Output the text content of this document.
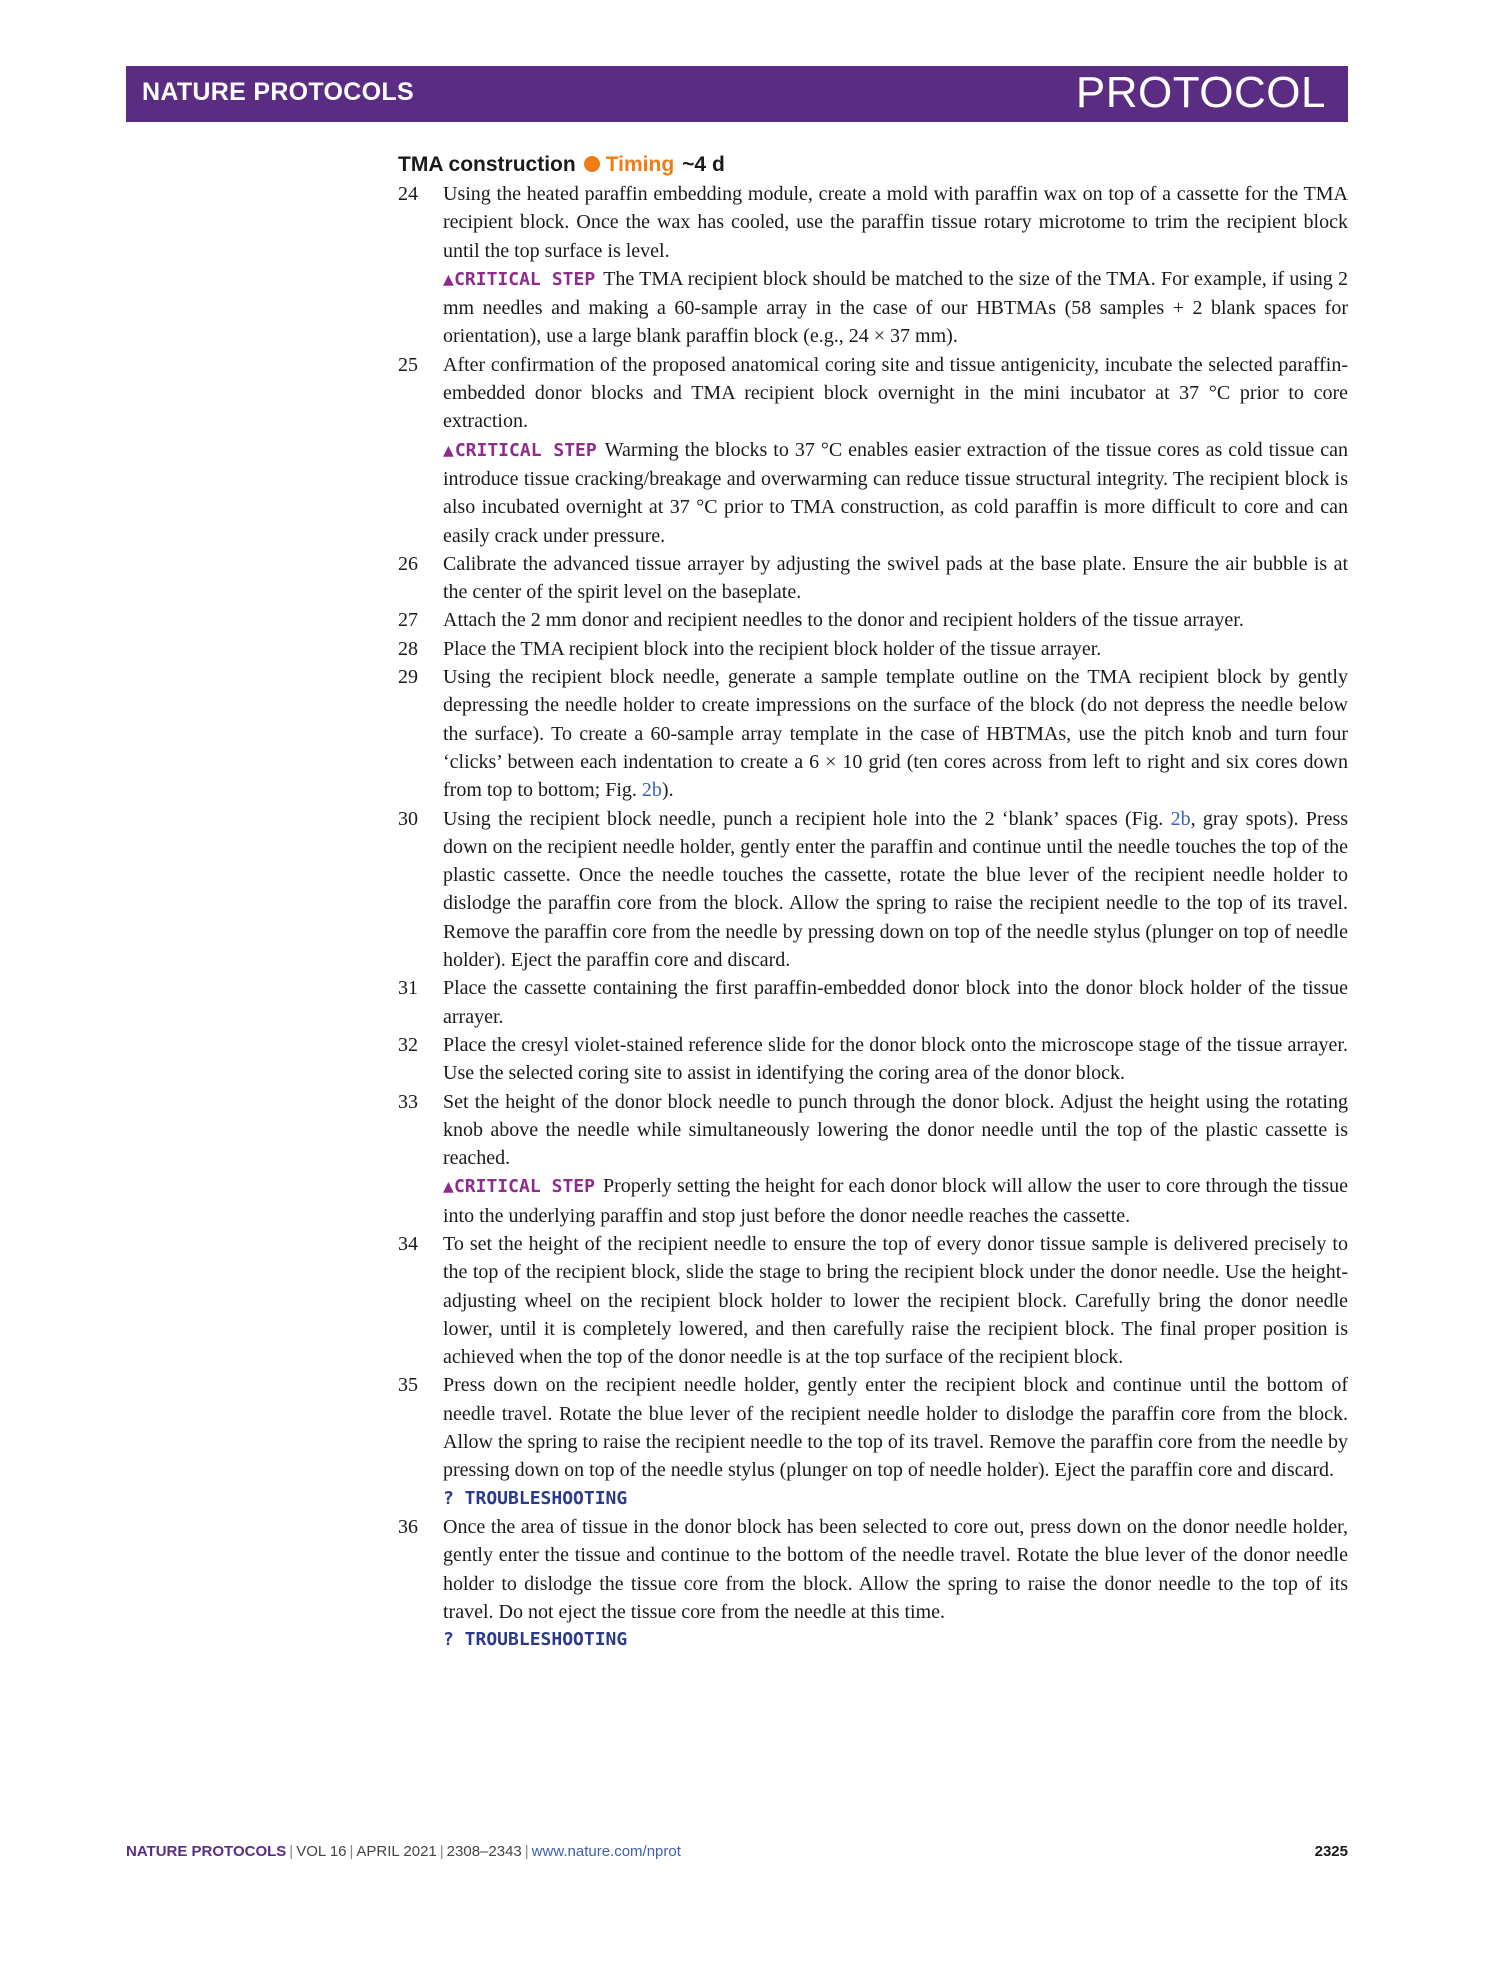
NATURE PROTOCOLS	PROTOCOL
TMA construction Timing ~4 d
24 Using the heated paraffin embedding module, create a mold with paraffin wax on top of a cassette for the TMA recipient block. Once the wax has cooled, use the paraffin tissue rotary microtome to trim the recipient block until the top surface is level.

▲CRITICAL STEP The TMA recipient block should be matched to the size of the TMA. For example, if using 2 mm needles and making a 60-sample array in the case of our HBTMAs (58 samples + 2 blank spaces for orientation), use a large blank paraffin block (e.g., 24 × 37 mm).

25 After confirmation of the proposed anatomical coring site and tissue antigenicity, incubate the selected paraffin-embedded donor blocks and TMA recipient block overnight in the mini incubator at 37 °C prior to core extraction.

▲CRITICAL STEP Warming the blocks to 37 °C enables easier extraction of the tissue cores as cold tissue can introduce tissue cracking/breakage and overwarming can reduce tissue structural integrity. The recipient block is also incubated overnight at 37 °C prior to TMA construction, as cold paraffin is more difficult to core and can easily crack under pressure.

26 Calibrate the advanced tissue arrayer by adjusting the swivel pads at the base plate. Ensure the air bubble is at the center of the spirit level on the baseplate.

27 Attach the 2 mm donor and recipient needles to the donor and recipient holders of the tissue arrayer.

28 Place the TMA recipient block into the recipient block holder of the tissue arrayer.

29 Using the recipient block needle, generate a sample template outline on the TMA recipient block by gently depressing the needle holder to create impressions on the surface of the block (do not depress the needle below the surface). To create a 60-sample array template in the case of HBTMAs, use the pitch knob and turn four ‘clicks’ between each indentation to create a 6 × 10 grid (ten cores across from left to right and six cores down from top to bottom; Fig. 2b).

30 Using the recipient block needle, punch a recipient hole into the 2 ‘blank’ spaces (Fig. 2b, gray spots). Press down on the recipient needle holder, gently enter the paraffin and continue until the needle touches the top of the plastic cassette. Once the needle touches the cassette, rotate the blue lever of the recipient needle holder to dislodge the paraffin core from the block. Allow the spring to raise the recipient needle to the top of its travel. Remove the paraffin core from the needle by pressing down on top of the needle stylus (plunger on top of needle holder). Eject the paraffin core and discard.

31 Place the cassette containing the first paraffin-embedded donor block into the donor block holder of the tissue arrayer.

32 Place the cresyl violet-stained reference slide for the donor block onto the microscope stage of the tissue arrayer. Use the selected coring site to assist in identifying the coring area of the donor block.

33 Set the height of the donor block needle to punch through the donor block. Adjust the height using the rotating knob above the needle while simultaneously lowering the donor needle until the top of the plastic cassette is reached.

▲CRITICAL STEP Properly setting the height for each donor block will allow the user to core through the tissue into the underlying paraffin and stop just before the donor needle reaches the cassette.

34 To set the height of the recipient needle to ensure the top of every donor tissue sample is delivered precisely to the top of the recipient block, slide the stage to bring the recipient block under the donor needle. Use the height-adjusting wheel on the recipient block holder to lower the recipient block. Carefully bring the donor needle lower, until it is completely lowered, and then carefully raise the recipient block. The final proper position is achieved when the top of the donor needle is at the top surface of the recipient block.

35 Press down on the recipient needle holder, gently enter the recipient block and continue until the bottom of needle travel. Rotate the blue lever of the recipient needle holder to dislodge the paraffin core from the block. Allow the spring to raise the recipient needle to the top of its travel. Remove the paraffin core from the needle by pressing down on top of the needle stylus (plunger on top of needle holder). Eject the paraffin core and discard.

? TROUBLESHOOTING
36 Once the area of tissue in the donor block has been selected to core out, press down on the donor needle holder, gently enter the tissue and continue to the bottom of the needle travel. Rotate the blue lever of the donor needle holder to dislodge the tissue core from the block. Allow the spring to raise the donor needle to the top of its travel. Do not eject the tissue core from the needle at this time.

? TROUBLESHOOTING
NATURE PROTOCOLS | VOL 16 | APRIL 2021 | 2308–2343 | www.nature.com/nprot	2325
